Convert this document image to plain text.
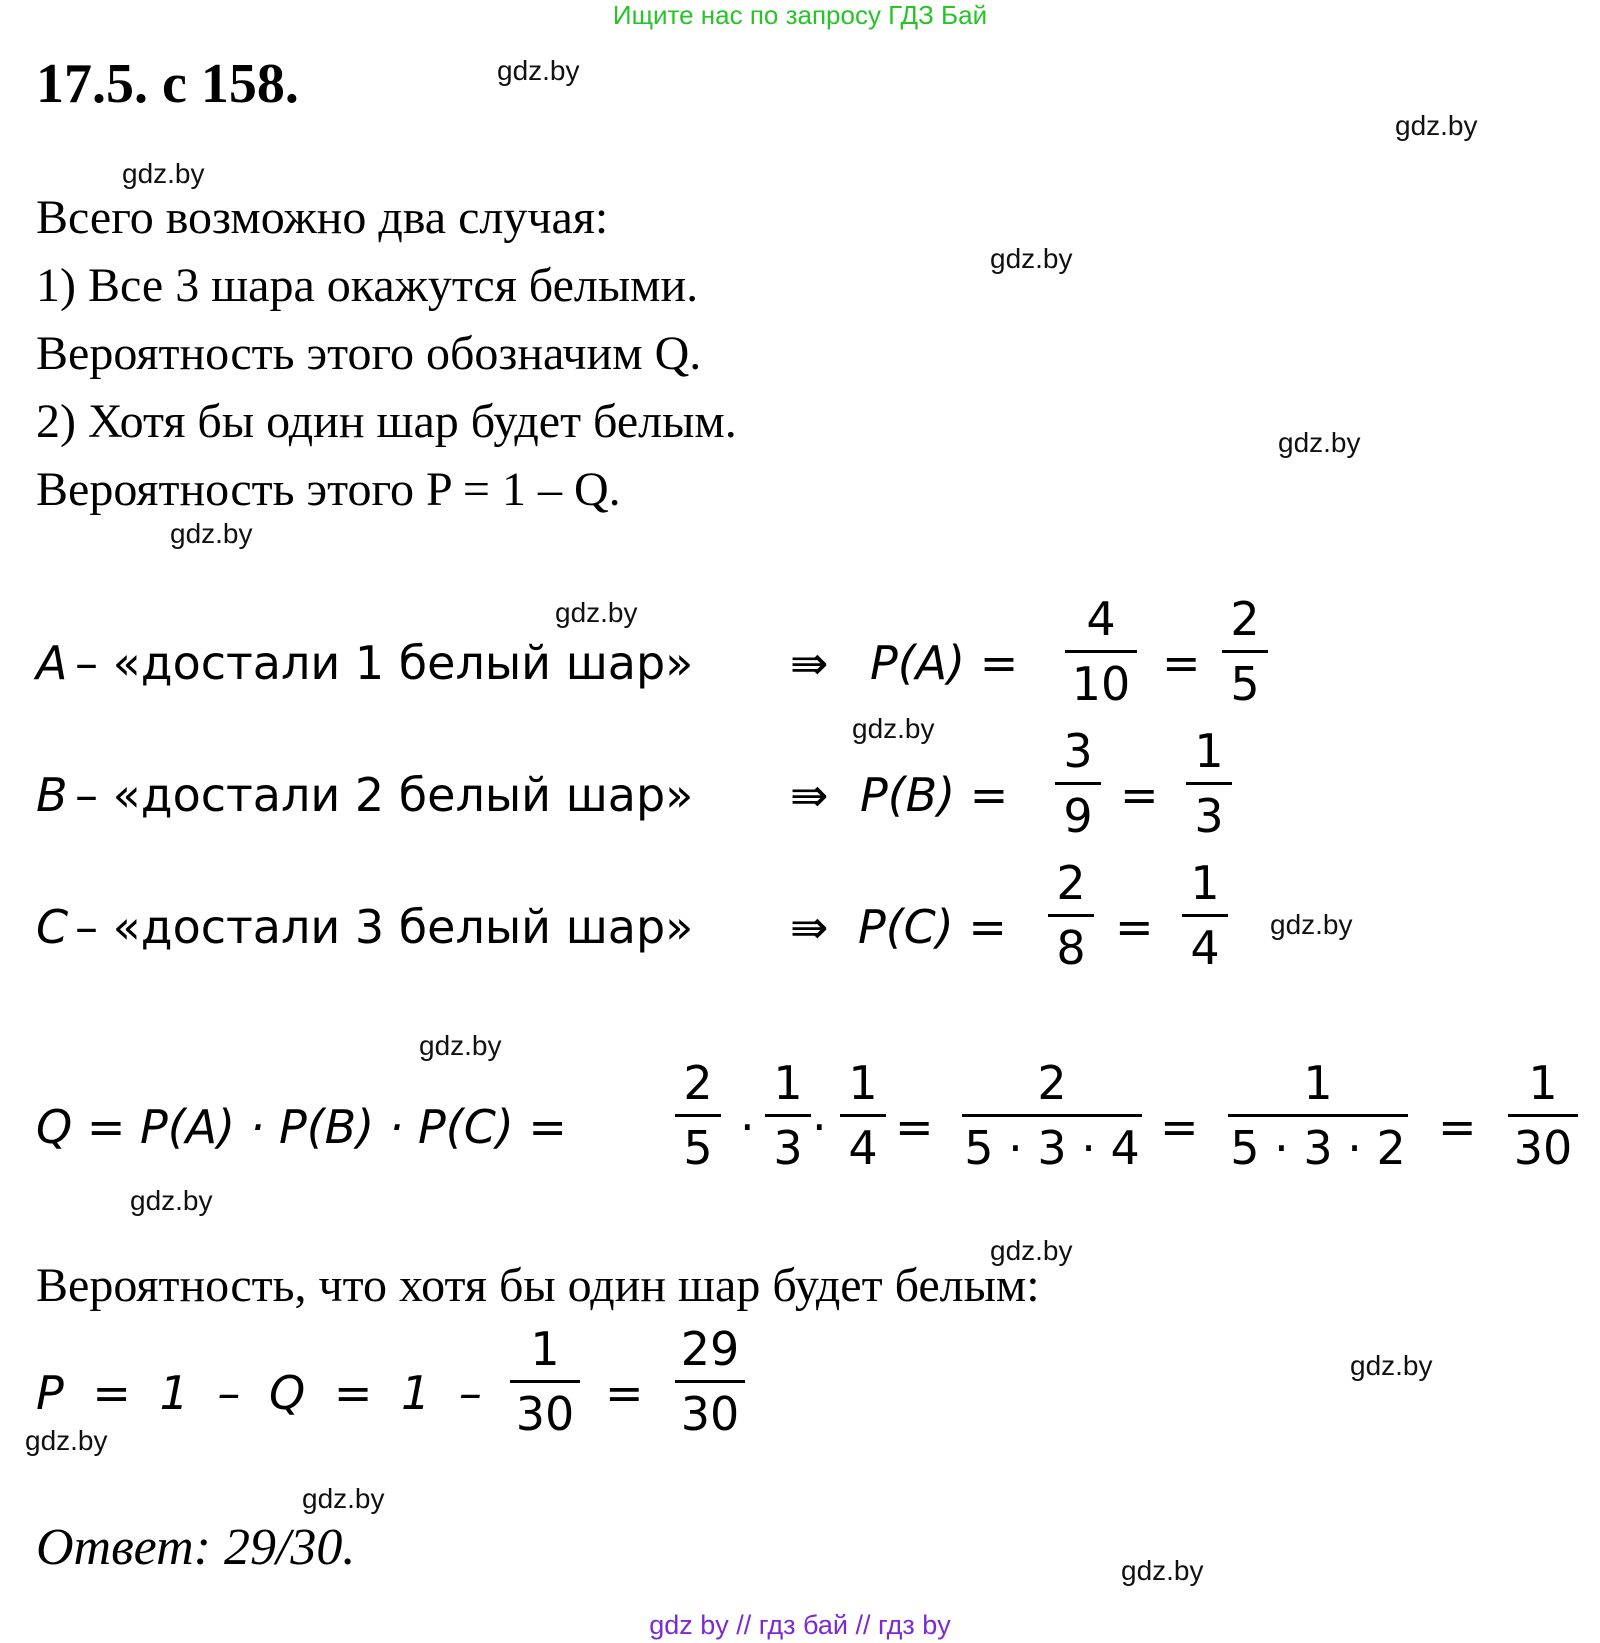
Ищите нас по запросу ГДЗ Бай
17.5. с 158.	gdz.by
gdz.by
gdz.by
gdz.by
gdz.by
gdz.by
gdz.by
gdz.by
gdz.by
gdz.by
gdz.by
gdz.by
gdz.by
gdz.by
gdz.by
gdz.by
Всего возможно два случая:
1) Все 3 шара окажутся белыми.
Вероятность этого обозначим Q.
2) Хотя бы один шар будет белым.
Вероятность этого P = 1 – Q.
A – «достали 1 белый шар» ⇛ P(A) =
4
10 =
2
5
B – «достали 2 белый шар» ⇛ P(B) =
3
9 =
1
3
C – «достали 3 белый шар» ⇛ P(C) =
2
8 =
1
4
Q = P(A) · P(B) · P(C) =
2
5 ·
1
3 ·
1
4 =
2
5 · 3 · 4 =
1
5 · 3 · 2 =
1
30
Вероятность, что хотя бы один шар будет белым:
P = 1 – Q = 1 –
1
30 =
29
30
Ответ: 29/30.
gdz by // гдз бай // гдз by
